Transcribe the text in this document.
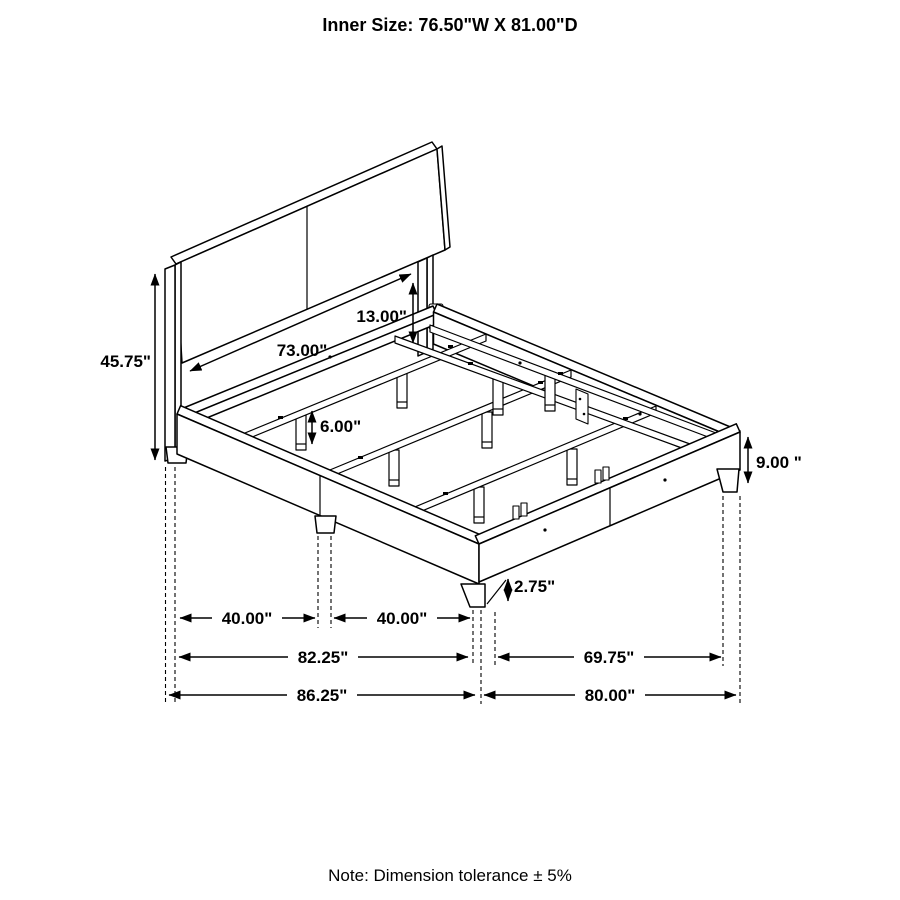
Inner Size: 76.50"W X 81.00"D
45.75"
73.00"
13.00"
6.00"
9.00 "
2.75"
40.00"	40.00"
82.25"	69.75"
86.25"	80.00"
Note: Dimension tolerance ± 5%
